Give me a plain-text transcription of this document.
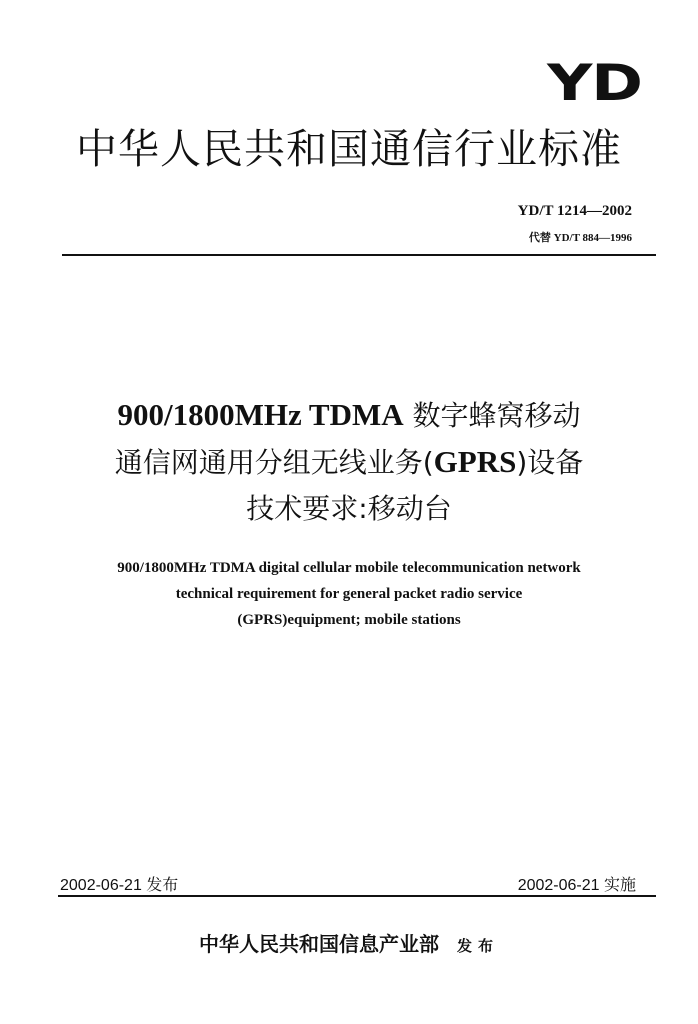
YD
中华人民共和国通信行业标准
YD/T 1214—2002
代替 YD/T 884—1996
900/1800MHz TDMA 数字蜂窝移动
通信网通用分组无线业务(GPRS)设备
技术要求:移动台
900/1800MHz TDMA digital cellular mobile telecommunication network
technical requirement for general packet radio service
(GPRS)equipment; mobile stations
2002-06-21 发布	2002-06-21 实施
中华人民共和国信息产业部 发布
